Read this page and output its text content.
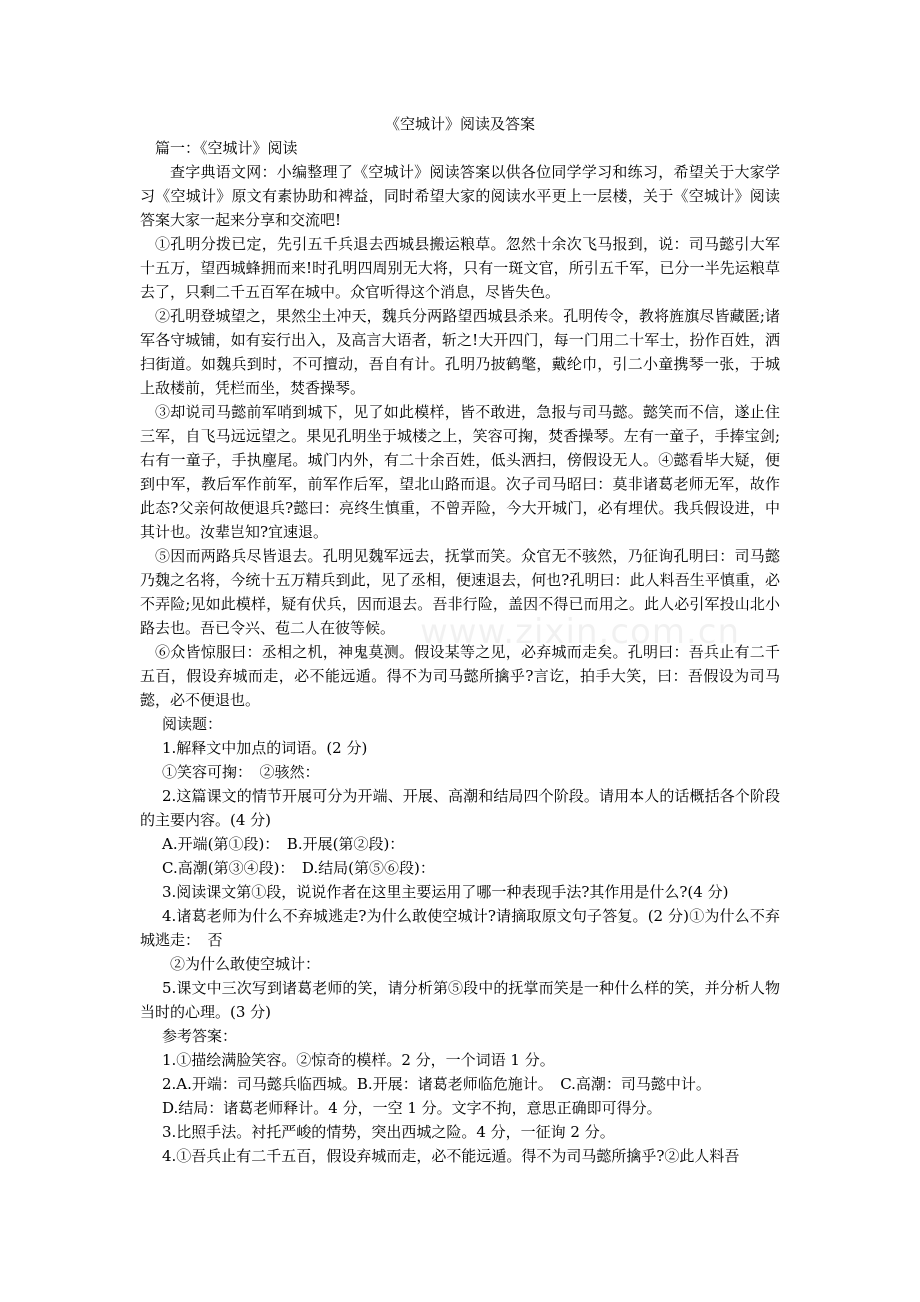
《空城计》阅读及答案

篇一：《空城计》阅读

查字典语文网：小编整理了《空城计》阅读答案以供各位同学学习和练习，希望关于大家学习《空城计》原文有素协助和裨益，同时希望大家的阅读水平更上一层楼，关于《空城计》阅读答案大家一起来分享和交流吧!

①孔明分拨已定，先引五千兵退去西城县搬运粮草。忽然十余次飞马报到，说：司马懿引大军十五万，望西城蜂拥而来!时孔明四周别无大将，只有一斑文官，所引五千军，已分一半先运粮草去了，只剩二千五百军在城中。众官听得这个消息，尽皆失色。

②孔明登城望之，果然尘土冲天，魏兵分两路望西城县杀来。孔明传令，教将旌旗尽皆藏匿;诸军各守城铺，如有妄行出入，及高言大语者，斩之!大开四门，每一门用二十军士，扮作百姓，洒扫街道。如魏兵到时，不可擅动，吾自有计。孔明乃披鹤氅，戴纶巾，引二小童携琴一张，于城上敌楼前，凭栏而坐，焚香操琴。

③却说司马懿前军哨到城下，见了如此模样，皆不敢进，急报与司马懿。懿笑而不信，遂止住三军，自飞马远远望之。果见孔明坐于城楼之上，笑容可掬，焚香操琴。左有一童子，手捧宝剑;右有一童子，手执麈尾。城门内外，有二十余百姓，低头洒扫，傍假设无人。④懿看毕大疑，便到中军，教后军作前军，前军作后军，望北山路而退。次子司马昭曰：莫非诸葛老师无军，故作此态?父亲何故便退兵?懿曰：亮终生慎重，不曾弄险，今大开城门，必有埋伏。我兵假设进，中其计也。汝辈岂知?宜速退。

⑤因而两路兵尽皆退去。孔明见魏军远去，抚掌而笑。众官无不骇然，乃征询孔明曰：司马懿乃魏之名将，今统十五万精兵到此，见了丞相，便速退去，何也?孔明曰：此人料吾生平慎重，必不弄险;见如此模样，疑有伏兵，因而退去。吾非行险，盖因不得已而用之。此人必引军投山北小路去也。吾已令兴、苞二人在彼等候。

⑥众皆惊服曰：丞相之机，神鬼莫测。假设某等之见，必弃城而走矣。孔明曰：吾兵止有二千五百，假设弃城而走，必不能远遁。得不为司马懿所擒乎?言讫，拍手大笑，曰：吾假设为司马懿，必不便退也。

阅读题：

1.解释文中加点的词语。(2 分)

①笑容可掬：　②骇然：

2.这篇课文的情节开展可分为开端、开展、高潮和结局四个阶段。请用本人的话概括各个阶段的主要内容。(4 分)

A.开端(第①段)：　B.开展(第②段)：

C.高潮(第③④段)：　D.结局(第⑤⑥段)：

3.阅读课文第①段，说说作者在这里主要运用了哪一种表现手法?其作用是什么?(4 分)

4.诸葛老师为什么不弃城逃走?为什么敢使空城计?请摘取原文句子答复。(2 分)①为什么不弃城逃走：　否

②为什么敢使空城计：

5.课文中三次写到诸葛老师的笑，请分析第⑤段中的抚掌而笑是一种什么样的笑，并分析人物当时的心理。(3 分)

参考答案：

1.①描绘满脸笑容。②惊奇的模样。2 分，一个词语 1 分。

2.A.开端：司马懿兵临西城。B.开展：诸葛老师临危施计。　C.高潮：司马懿中计。

D.结局：诸葛老师释计。4 分，一空 1 分。文字不拘，意思正确即可得分。

3.比照手法。衬托严峻的情势，突出西城之险。4 分，一征询 2 分。

4.①吾兵止有二千五百，假设弃城而走，必不能远遁。得不为司马懿所擒乎?②此人料吾

www.zixin.com.cn
